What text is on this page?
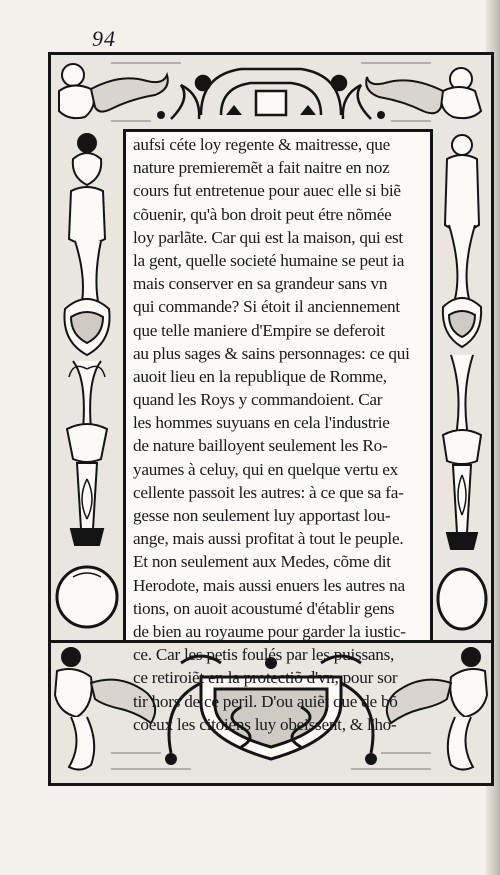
94
aufsi céte loy regente & maitresse, que
nature premieremẽt a fait naitre en noz
cours fut entretenue pour auec elle si biẽ
cõuenir, qu'à bon droit peut étre nõmée
loy parlãte. Car qui est la maison, qui est
la gent, quelle societé humaine se peut ia
mais conserver en sa grandeur sans vn
qui commande? Si étoit il anciennement
que telle maniere d'Empire se deferoit
au plus sages & sains personnages: ce qui
auoit lieu en la republique de Romme,
quand les Roys y commandoient. Car
les hommes suyuans en cela l'industrie
de nature bailloyent seulement les Ro-
yaumes à celuy, qui en quelque vertu ex
cellente passoit les autres: à ce que sa fa-
gesse non seulement luy apportast lou-
ange, mais aussi profitat à tout le peuple.
Et non seulement aux Medes, cõme dit
Herodote, mais aussi enuers les autres na
tions, on auoit acoustumé d'établir gens
de bien au royaume pour garder la iustic-
ce. Car les petis foulés par les puissans,
ce retiroiẽt en la protectiõ d'vn, pour sor
tir hors de ce peril. D'ou auiẽt que de bõ
coeux les citoiens luy obeissent, & l'ho-
